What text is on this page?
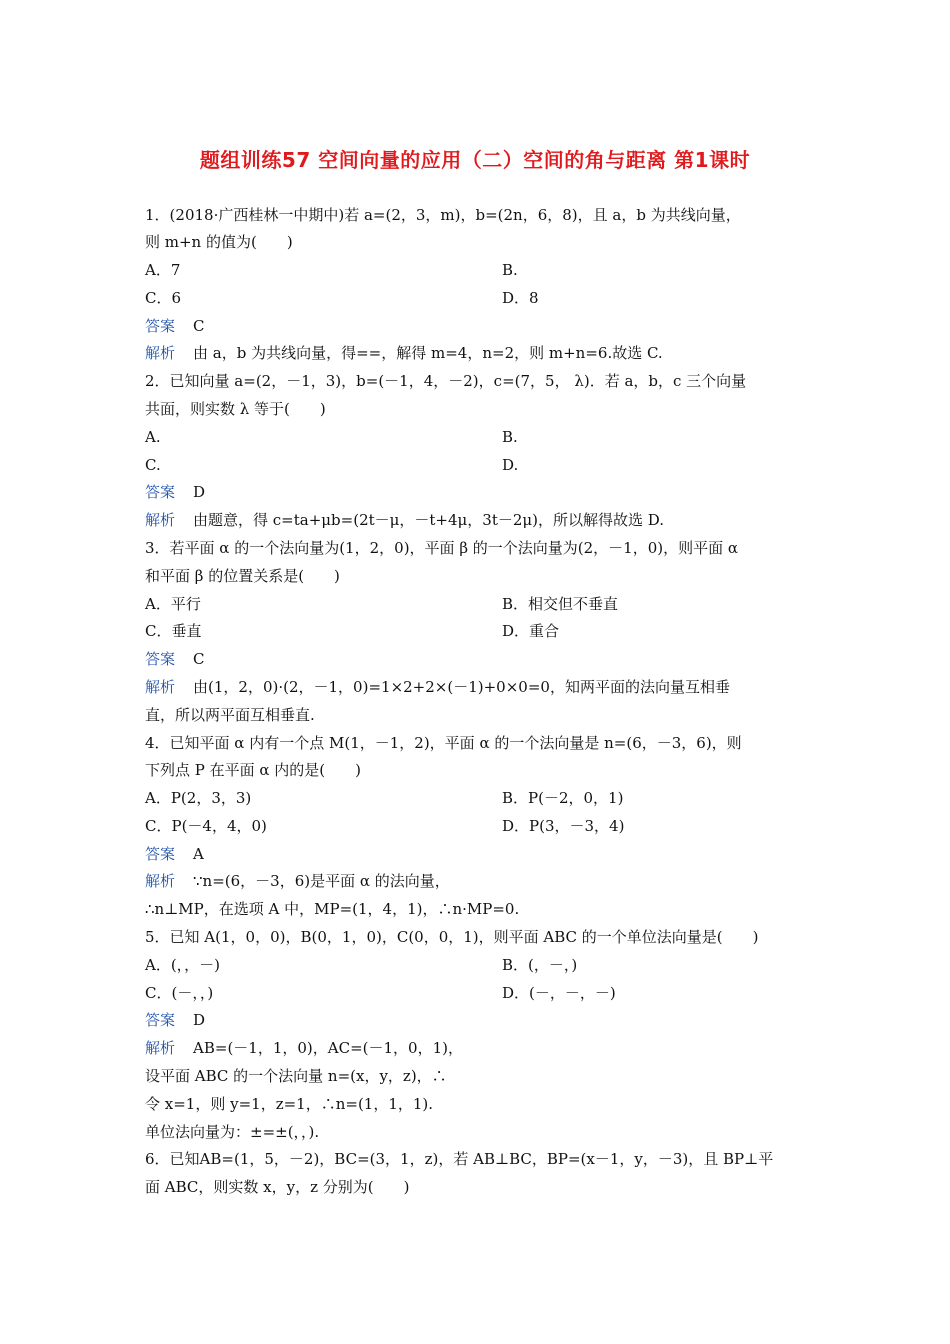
题组训练57 空间向量的应用（二）空间的角与距离 第1课时
1．(2018·广西桂林一中期中)若 a=(2，3，m)，b=(2n，6，8)，且 a，b 为共线向量，
则 m+n 的值为(　　)
A．7	B.
C．6	D．8
答案 C
解析 由 a，b 为共线向量，得==，解得 m=4，n=2，则 m+n=6.故选 C.
2．已知向量 a=(2，－1，3)，b=(－1，4，－2)，c=(7，5， λ)．若 a，b，c 三个向量
共面，则实数 λ 等于(　　)
A.	B.
C.	D.
答案 D
解析 由题意，得 c=ta+μb=(2t－μ，－t+4μ，3t－2μ)，所以解得故选 D.
3．若平面 α 的一个法向量为(1，2，0)，平面 β 的一个法向量为(2，－1，0)，则平面 α
和平面 β 的位置关系是(　　)
A．平行	B．相交但不垂直
C．垂直	D．重合
答案 C
解析 由(1，2，0)·(2，－1，0)=1×2+2×(－1)+0×0=0，知两平面的法向量互相垂
直，所以两平面互相垂直.
4．已知平面 α 内有一个点 M(1，－1，2)，平面 α 的一个法向量是 n=(6，－3，6)，则
下列点 P 在平面 α 内的是(　　)
A．P(2，3，3)	B．P(－2，0，1)
C．P(－4，4，0)	D．P(3，－3，4)
答案 A
解析 ∵n=(6，－3，6)是平面 α 的法向量，
∴n⊥MP，在选项 A 中，MP=(1，4，1)，∴n·MP=0.
5．已知 A(1，0，0)，B(0，1，0)，C(0，0，1)，则平面 ABC 的一个单位法向量是(　　)
A．(，，－)	B．(，－，)
C．(－，，)	D．(－，－，－)
答案 D
解析 AB=(－1，1，0)，AC=(－1，0，1)，
设平面 ABC 的一个法向量 n=(x，y，z)，∴
令 x=1，则 y=1，z=1，∴n=(1，1，1).
单位法向量为：±=±(，，).
6．已知AB=(1，5，－2)，BC=(3，1，z)，若 AB⊥BC，BP=(x－1，y，－3)，且 BP⊥平
面 ABC，则实数 x，y，z 分别为(　　)
